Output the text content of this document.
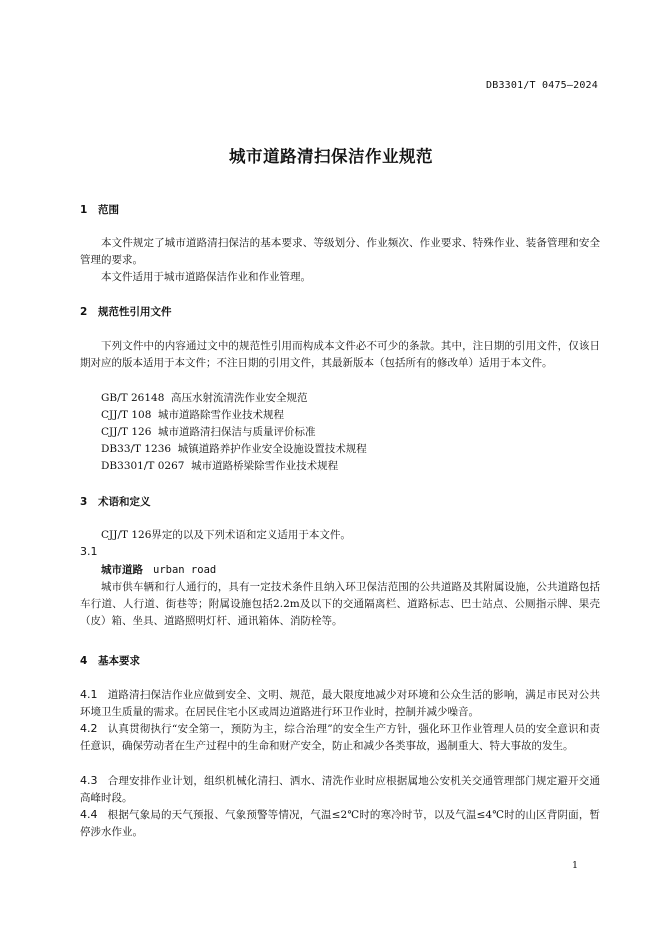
DB3301/T 0475—2024
城市道路清扫保洁作业规范
1 范围
本文件规定了城市道路清扫保洁的基本要求、等级划分、作业频次、作业要求、特殊作业、装备管理和安全管理的要求。
本文件适用于城市道路保洁作业和作业管理。
2 规范性引用文件
下列文件中的内容通过文中的规范性引用而构成本文件必不可少的条款。其中，注日期的引用文件，仅该日期对应的版本适用于本文件；不注日期的引用文件，其最新版本（包括所有的修改单）适用于本文件。
GB/T 26148  高压水射流清洗作业安全规范
CJJ/T 108  城市道路除雪作业技术规程
CJJ/T 126  城市道路清扫保洁与质量评价标准
DB33/T 1236  城镇道路养护作业安全设施设置技术规程
DB3301/T 0267  城市道路桥梁除雪作业技术规程
3 术语和定义
CJJ/T 126界定的以及下列术语和定义适用于本文件。
3.1
城市道路 urban road
城市供车辆和行人通行的，具有一定技术条件且纳入环卫保洁范围的公共道路及其附属设施，公共道路包括车行道、人行道、街巷等；附属设施包括2.2m及以下的交通隔离栏、道路标志、巴士站点、公厕指示牌、果壳（皮）箱、坐具、道路照明灯杆、通讯箱体、消防栓等。
4 基本要求
4.1 道路清扫保洁作业应做到安全、文明、规范，最大限度地减少对环境和公众生活的影响，满足市民对公共环境卫生质量的需求。在居民住宅小区或周边道路进行环卫作业时，控制并减少噪音。
4.2 认真贯彻执行“安全第一，预防为主，综合治理”的安全生产方针，强化环卫作业管理人员的安全意识和责任意识，确保劳动者在生产过程中的生命和财产安全，防止和减少各类事故，遏制重大、特大事故的发生。
4.3 合理安排作业计划，组织机械化清扫、洒水、清洗作业时应根据属地公安机关交通管理部门规定避开交通高峰时段。
4.4 根据气象局的天气预报、气象预警等情况，气温≤2℃时的寒冷时节，以及气温≤4℃时的山区背阴面，暂停涉水作业。
1
